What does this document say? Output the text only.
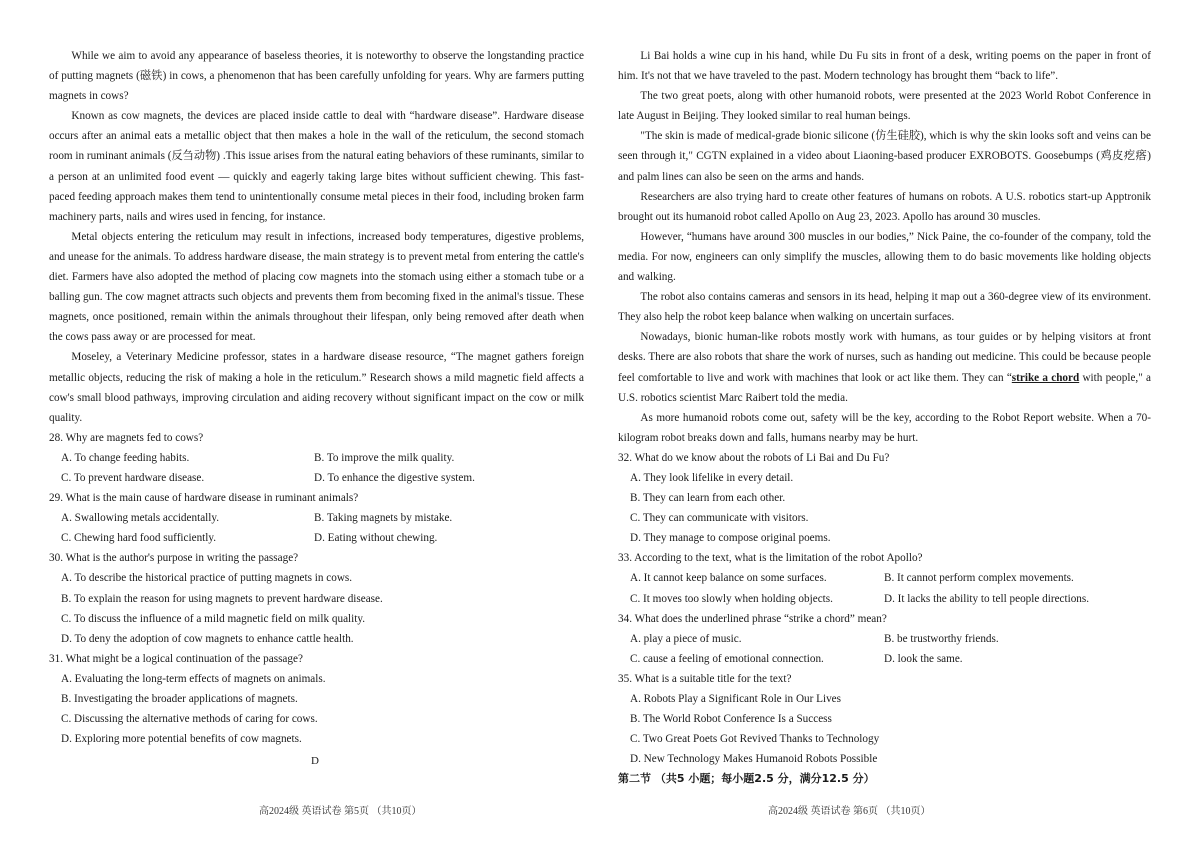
While we aim to avoid any appearance of baseless theories, it is noteworthy to observe the longstanding practice of putting magnets (磁铁) in cows, a phenomenon that has been carefully unfolding for years. Why are farmers putting magnets in cows?

Known as cow magnets, the devices are placed inside cattle to deal with “hardware disease”. Hardware disease occurs after an animal eats a metallic object that then makes a hole in the wall of the reticulum, the second stomach room in ruminant animals (反刍动物) .This issue arises from the natural eating behaviors of these ruminants, similar to a person at an unlimited food event — quickly and eagerly taking large bites without sufficient chewing. This fast-paced feeding approach makes them tend to unintentionally consume metal pieces in their food, including broken farm machinery parts, nails and wires used in fencing, for instance.

Metal objects entering the reticulum may result in infections, increased body temperatures, digestive problems, and unease for the animals. To address hardware disease, the main strategy is to prevent metal from entering the cattle's diet. Farmers have also adopted the method of placing cow magnets into the stomach using either a stomach tube or a balling gun. The cow magnet attracts such objects and prevents them from becoming fixed in the animal's tissue. These magnets, once positioned, remain within the animals throughout their lifespan, only being removed after death when the cows pass away or are processed for meat.

Moseley, a Veterinary Medicine professor, states in a hardware disease resource, “The magnet gathers foreign metallic objects, reducing the risk of making a hole in the reticulum.” Research shows a mild magnetic field affects a cow's small blood pathways, improving circulation and aiding recovery without significant impact on the cow or milk quality.

28. Why are magnets fed to cows?
A. To change feeding habits.	B. To improve the milk quality.
C. To prevent hardware disease.	D. To enhance the digestive system.
29. What is the main cause of hardware disease in ruminant animals?
A. Swallowing metals accidentally.	B. Taking magnets by mistake.
C. Chewing hard food sufficiently.	D. Eating without chewing.
30. What is the author's purpose in writing the passage?
A. To describe the historical practice of putting magnets in cows.
B. To explain the reason for using magnets to prevent hardware disease.
C. To discuss the influence of a mild magnetic field on milk quality.
D. To deny the adoption of cow magnets to enhance cattle health.
31. What might be a logical continuation of the passage?
A. Evaluating the long-term effects of magnets on animals.
B. Investigating the broader applications of magnets.
C. Discussing the alternative methods of caring for cows.
D. Exploring more potential benefits of cow magnets.
D

Li Bai holds a wine cup in his hand, while Du Fu sits in front of a desk, writing poems on the paper in front of him. It's not that we have traveled to the past. Modern technology has brought them “back to life”.

The two great poets, along with other humanoid robots, were presented at the 2023 World Robot Conference in late August in Beijing. They looked similar to real human beings.

"The skin is made of medical-grade bionic silicone (仿生硅胶), which is why the skin looks soft and veins can be seen through it," CGTN explained in a video about Liaoning-based producer EXROBOTS. Goosebumps (鸡皮疙瘩) and palm lines can also be seen on the arms and hands.

Researchers are also trying hard to create other features of humans on robots. A U.S. robotics start-up Apptronik brought out its humanoid robot called Apollo on Aug 23, 2023. Apollo has around 30 muscles.

However, “humans have around 300 muscles in our bodies,” Nick Paine, the co-founder of the company, told the media. For now, engineers can only simplify the muscles, allowing them to do basic movements like holding objects and walking.

The robot also contains cameras and sensors in its head, helping it map out a 360-degree view of its environment. They also help the robot keep balance when walking on uncertain surfaces.

Nowadays, bionic human-like robots mostly work with humans, as tour guides or by helping visitors at front desks. There are also robots that share the work of nurses, such as handing out medicine. This could be because people feel comfortable to live and work with machines that look or act like them. They can “strike a chord with people," a U.S. robotics scientist Marc Raibert told the media.

As more humanoid robots come out, safety will be the key, according to the Robot Report website. When a 70-kilogram robot breaks down and falls, humans nearby may be hurt.

32. What do we know about the robots of Li Bai and Du Fu?
A. They look lifelike in every detail.
B. They can learn from each other.
C. They can communicate with visitors.
D. They manage to compose original poems.
33. According to the text, what is the limitation of the robot Apollo?
A. It cannot keep balance on some surfaces.	B. It cannot perform complex movements.
C. It moves too slowly when holding objects.	D. It lacks the ability to tell people directions.
34. What does the underlined phrase “strike a chord” mean?
A. play a piece of music.	B. be trustworthy friends.
C. cause a feeling of emotional connection.	D. look the same.
35. What is a suitable title for the text?
A. Robots Play a Significant Role in Our Lives
B. The World Robot Conference Is a Success
C. Two Great Poets Got Revived Thanks to Technology
D. New Technology Makes Humanoid Robots Possible
第二节 （共5 小题；每小题2.5 分，满分12.5 分）
高2024级 英语试卷 第5页 （共10页）	高2024级 英语试卷 第6页 （共10页）
